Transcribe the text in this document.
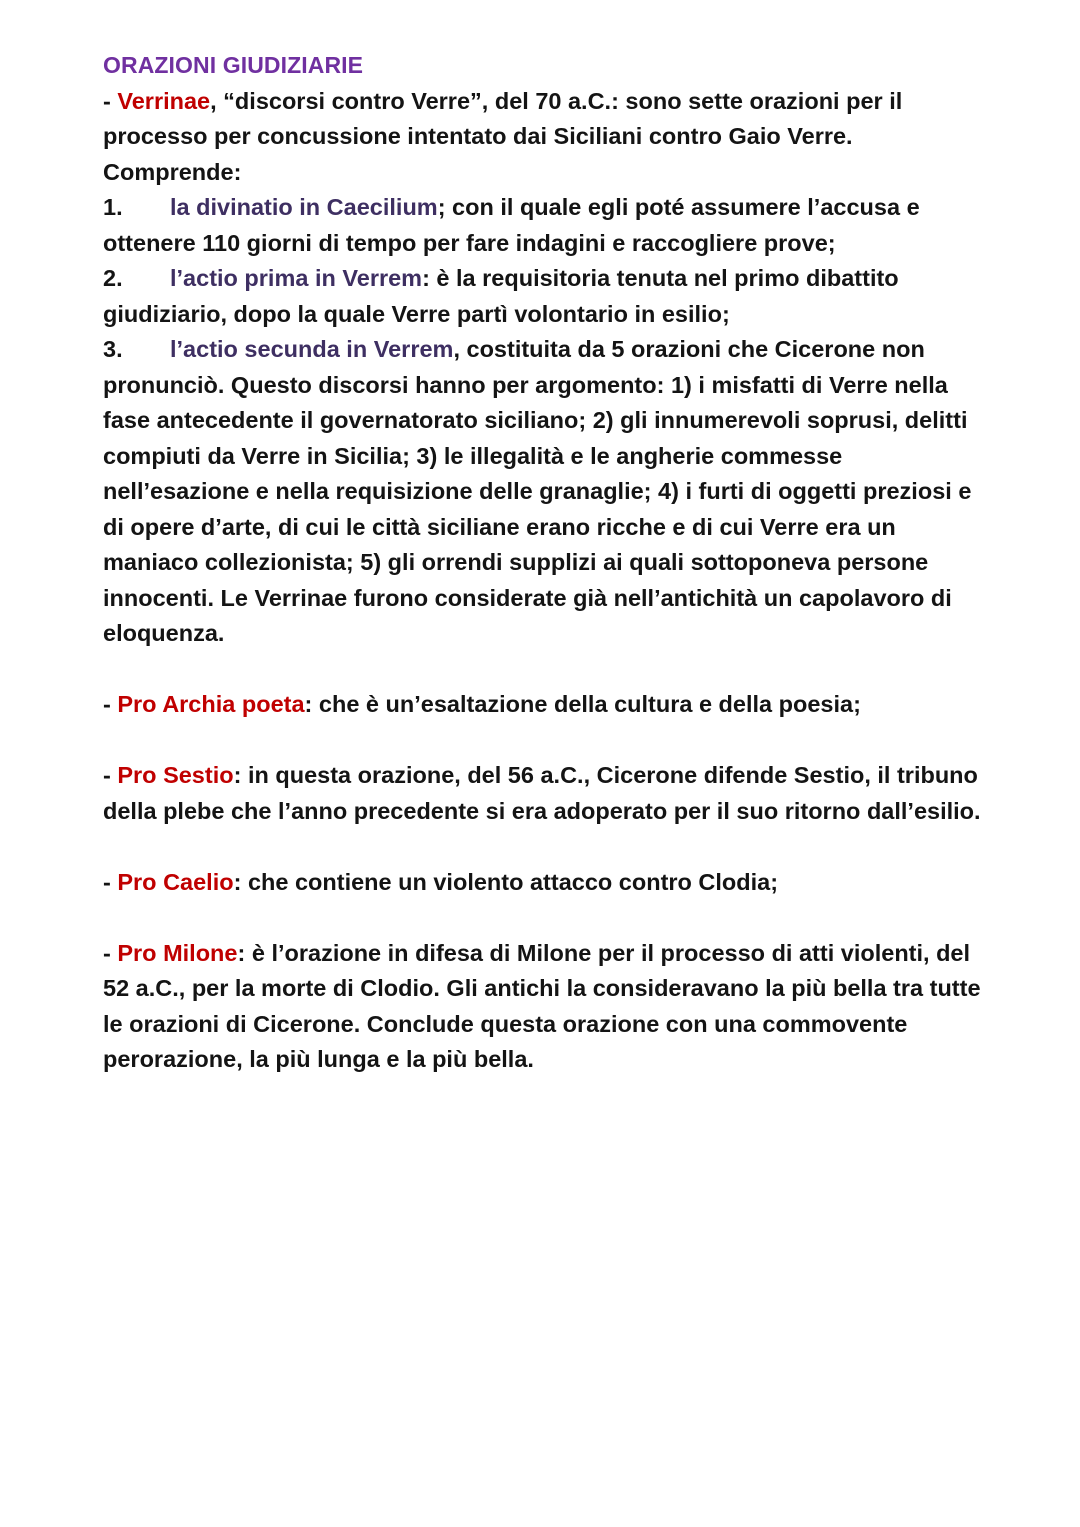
ORAZIONI GIUDIZIARIE

- Verrinae, “discorsi contro Verre”, del 70 a.C.: sono sette orazioni per il processo per concussione intentato dai Siciliani contro Gaio Verre. Comprende:

1. la divinatio in Caecilium; con il quale egli poté assumere l’accusa e ottenere 110 giorni di tempo per fare indagini e raccogliere prove;

2. l’actio prima in Verrem: è la requisitoria tenuta nel primo dibattito giudiziario, dopo la quale Verre partì volontario in esilio;

3. l’actio secunda in Verrem, costituita da 5 orazioni che Cicerone non pronunciò. Questo discorsi hanno per argomento: 1) i misfatti di Verre nella fase antecedente il governatorato siciliano; 2) gli innumerevoli soprusi, delitti compiuti da Verre in Sicilia; 3) le illegalità e le angherie commesse nell’esazione e nella requisizione delle granaglie; 4) i furti di oggetti preziosi e di opere d’arte, di cui le città siciliane erano ricche e di cui Verre era un maniaco collezionista; 5) gli orrendi supplizi ai quali sottoponeva persone innocenti. Le Verrinae furono considerate già nell’antichità un capolavoro di eloquenza.

- Pro Archia poeta: che è un’esaltazione della cultura e della poesia;

- Pro Sestio: in questa orazione, del 56 a.C., Cicerone difende Sestio, il tribuno della plebe che l’anno precedente si era adoperato per il suo ritorno dall’esilio.

- Pro Caelio: che contiene un violento attacco contro Clodia;

- Pro Milone: è l’orazione in difesa di Milone per il processo di atti violenti, del 52 a.C., per la morte di Clodio. Gli antichi la consideravano la più bella tra tutte le orazioni di Cicerone. Conclude questa orazione con una commovente perorazione, la più lunga e la più bella.
